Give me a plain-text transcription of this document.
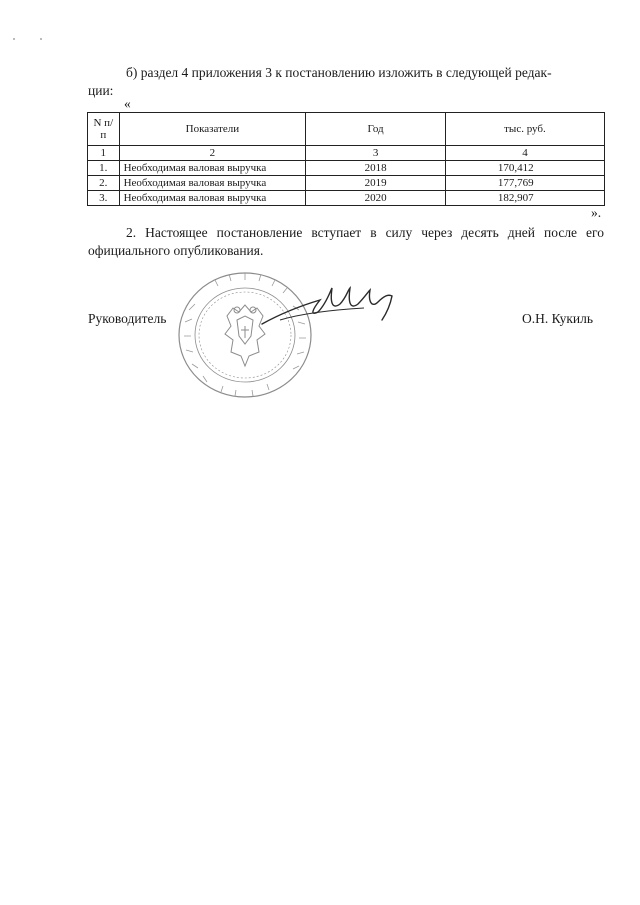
б) раздел 4 приложения 3 к постановлению изложить в следующей редак-
ции:
«
N п/п	Показатели	Год	тыс. руб.
1	2	3	4
1.	Необходимая валовая выручка	2018	170,412
2.	Необходимая валовая выручка	2019	177,769
3.	Необходимая валовая выручка	2020	182,907
».
2. Настоящее постановление вступает в силу через десять дней после его официального опубликования.
Руководитель	О.Н. Кукиль
